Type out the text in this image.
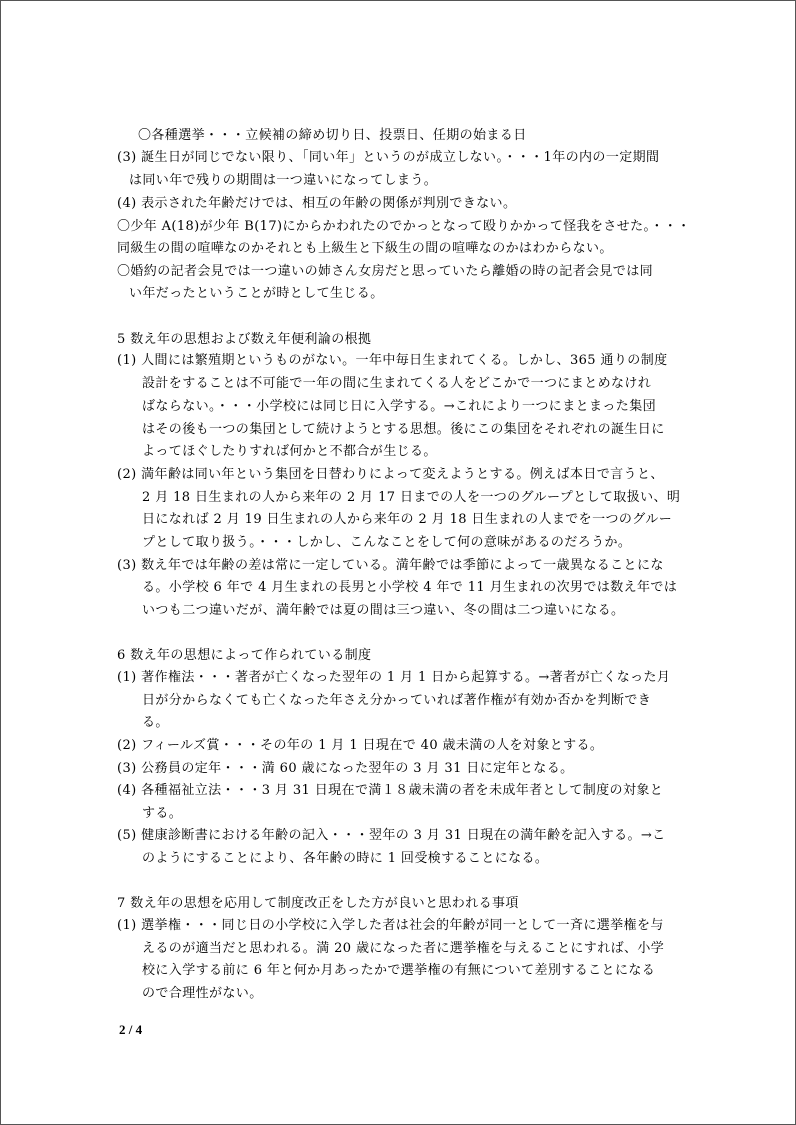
2 / 4
〇各種選挙・・・立候補の締め切り日、投票日、任期の始まる日
(3) 誕生日が同じでない限り、「同い年」というのが成立しない。・・・1年の内の一定期間
は同い年で残りの期間は一つ違いになってしまう。
(4) 表示された年齢だけでは、相互の年齢の関係が判別できない。
〇少年 A(18)が少年 B(17)にからかわれたのでかっとなって殴りかかって怪我をさせた。・・・
同級生の間の喧嘩なのかそれとも上級生と下級生の間の喧嘩なのかはわからない。
〇婚約の記者会見では一つ違いの姉さん女房だと思っていたら離婚の時の記者会見では同
い年だったということが時として生じる。
5 数え年の思想および数え年便利論の根拠
(1) 人間には繁殖期というものがない。一年中毎日生まれてくる。しかし、365 通りの制度
設計をすることは不可能で一年の間に生まれてくる人をどこかで一つにまとめなけれ
ばならない。・・・小学校には同じ日に入学する。→これにより一つにまとまった集団
はその後も一つの集団として続けようとする思想。後にこの集団をそれぞれの誕生日に
よってほぐしたりすれば何かと不都合が生じる。
(2) 満年齢は同い年という集団を日替わりによって変えようとする。例えば本日で言うと、
2 月 18 日生まれの人から来年の 2 月 17 日までの人を一つのグループとして取扱い、明
日になれば 2 月 19 日生まれの人から来年の 2 月 18 日生まれの人までを一つのグルー
プとして取り扱う。・・・しかし、こんなことをして何の意味があるのだろうか。
(3) 数え年では年齢の差は常に一定している。満年齢では季節によって一歳異なることにな
る。小学校 6 年で 4 月生まれの長男と小学校 4 年で 11 月生まれの次男では数え年では
いつも二つ違いだが、満年齢では夏の間は三つ違い、冬の間は二つ違いになる。
6 数え年の思想によって作られている制度
(1) 著作権法・・・著者が亡くなった翌年の 1 月 1 日から起算する。→著者が亡くなった月
日が分からなくても亡くなった年さえ分かっていれば著作権が有効か否かを判断でき
る。
(2) フィールズ賞・・・その年の 1 月 1 日現在で 40 歳未満の人を対象とする。
(3) 公務員の定年・・・満 60 歳になった翌年の 3 月 31 日に定年となる。
(4) 各種福祉立法・・・3 月 31 日現在で満１８歳未満の者を未成年者として制度の対象と
する。
(5) 健康診断書における年齢の記入・・・翌年の 3 月 31 日現在の満年齢を記入する。→こ
のようにすることにより、各年齢の時に 1 回受検することになる。
7 数え年の思想を応用して制度改正をした方が良いと思われる事項
(1) 選挙権・・・同じ日の小学校に入学した者は社会的年齢が同一として一斉に選挙権を与
えるのが適当だと思われる。満 20 歳になった者に選挙権を与えることにすれば、小学
校に入学する前に 6 年と何か月あったかで選挙権の有無について差別することになる
ので合理性がない。
